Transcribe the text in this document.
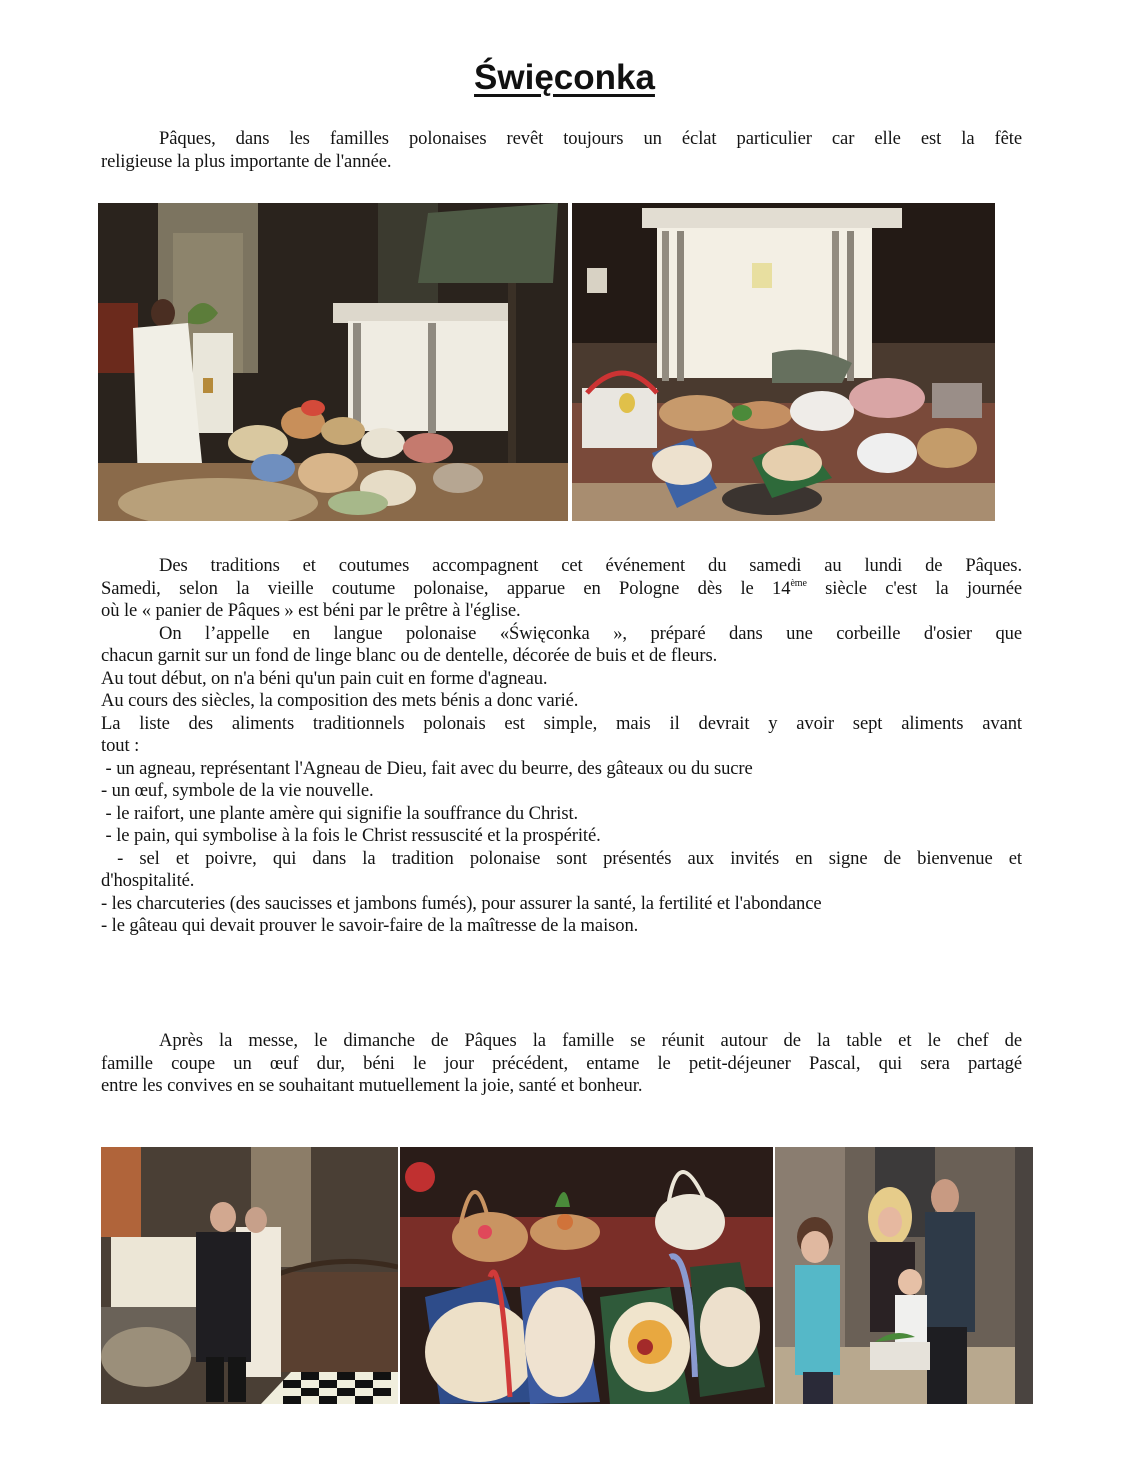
Święconka
Pâques, dans les familles polonaises revêt toujours un éclat particulier car elle est la fête
religieuse la plus importante de l'année.
Des traditions et coutumes accompagnent cet événement du samedi au lundi de Pâques.
Samedi, selon la vieille coutume polonaise, apparue en Pologne dès le 14ème siècle c'est la journée
où le « panier de Pâques » est béni par le prêtre à l'église.
On l’appelle en langue polonaise «Święconka », préparé dans une corbeille d'osier que
chacun garnit sur un fond de linge blanc ou de dentelle, décorée de buis et de fleurs.
Au tout début, on n'a béni qu'un pain cuit en forme d'agneau.
Au cours des siècles, la composition des mets bénis a donc varié.
La liste des aliments traditionnels polonais est simple, mais il devrait y avoir sept aliments avant
tout :
- un agneau, représentant l'Agneau de Dieu, fait avec du beurre, des gâteaux ou du sucre
- un œuf, symbole de la vie nouvelle.
- le raifort, une plante amère qui signifie la souffrance du Christ.
- le pain, qui symbolise à la fois le Christ ressuscité et la prospérité.
- sel et poivre, qui dans la tradition polonaise sont présentés aux invités en signe de bienvenue et
d'hospitalité.
- les charcuteries (des saucisses et jambons fumés), pour assurer la santé, la fertilité et l'abondance
- le gâteau qui devait prouver le savoir-faire de la maîtresse de la maison.
Après la messe, le dimanche de Pâques la famille se réunit autour de la table et le chef de
famille coupe un œuf dur, béni le jour précédent, entame le petit-déjeuner Pascal, qui sera partagé
entre les convives en se souhaitant mutuellement la joie, santé et bonheur.
